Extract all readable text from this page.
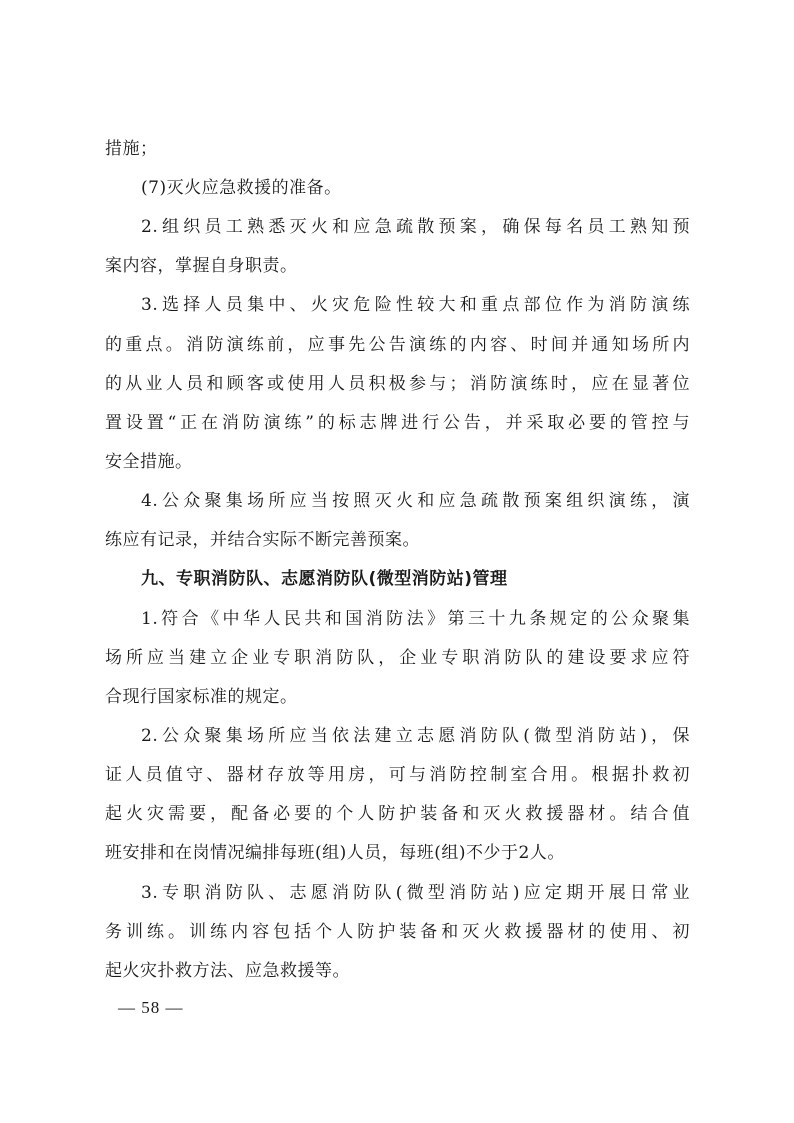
措施；
(7)灭火应急救援的准备。
2.组织员工熟悉灭火和应急疏散预案，确保每名员工熟知预
案内容，掌握自身职责。
3.选择人员集中、火灾危险性较大和重点部位作为消防演练
的重点。消防演练前，应事先公告演练的内容、时间并通知场所内
的从业人员和顾客或使用人员积极参与；消防演练时，应在显著位
置设置“正在消防演练”的标志牌进行公告，并采取必要的管控与
安全措施。
4.公众聚集场所应当按照灭火和应急疏散预案组织演练，演
练应有记录，并结合实际不断完善预案。
九、专职消防队、志愿消防队(微型消防站)管理
1.符合《中华人民共和国消防法》第三十九条规定的公众聚集
场所应当建立企业专职消防队，企业专职消防队的建设要求应符
合现行国家标准的规定。
2.公众聚集场所应当依法建立志愿消防队(微型消防站)，保
证人员值守、器材存放等用房，可与消防控制室合用。根据扑救初
起火灾需要，配备必要的个人防护装备和灭火救援器材。结合值
班安排和在岗情况编排每班(组)人员，每班(组)不少于2人。
3.专职消防队、志愿消防队(微型消防站)应定期开展日常业
务训练。训练内容包括个人防护装备和灭火救援器材的使用、初
起火灾扑救方法、应急救援等。
— 58 —
